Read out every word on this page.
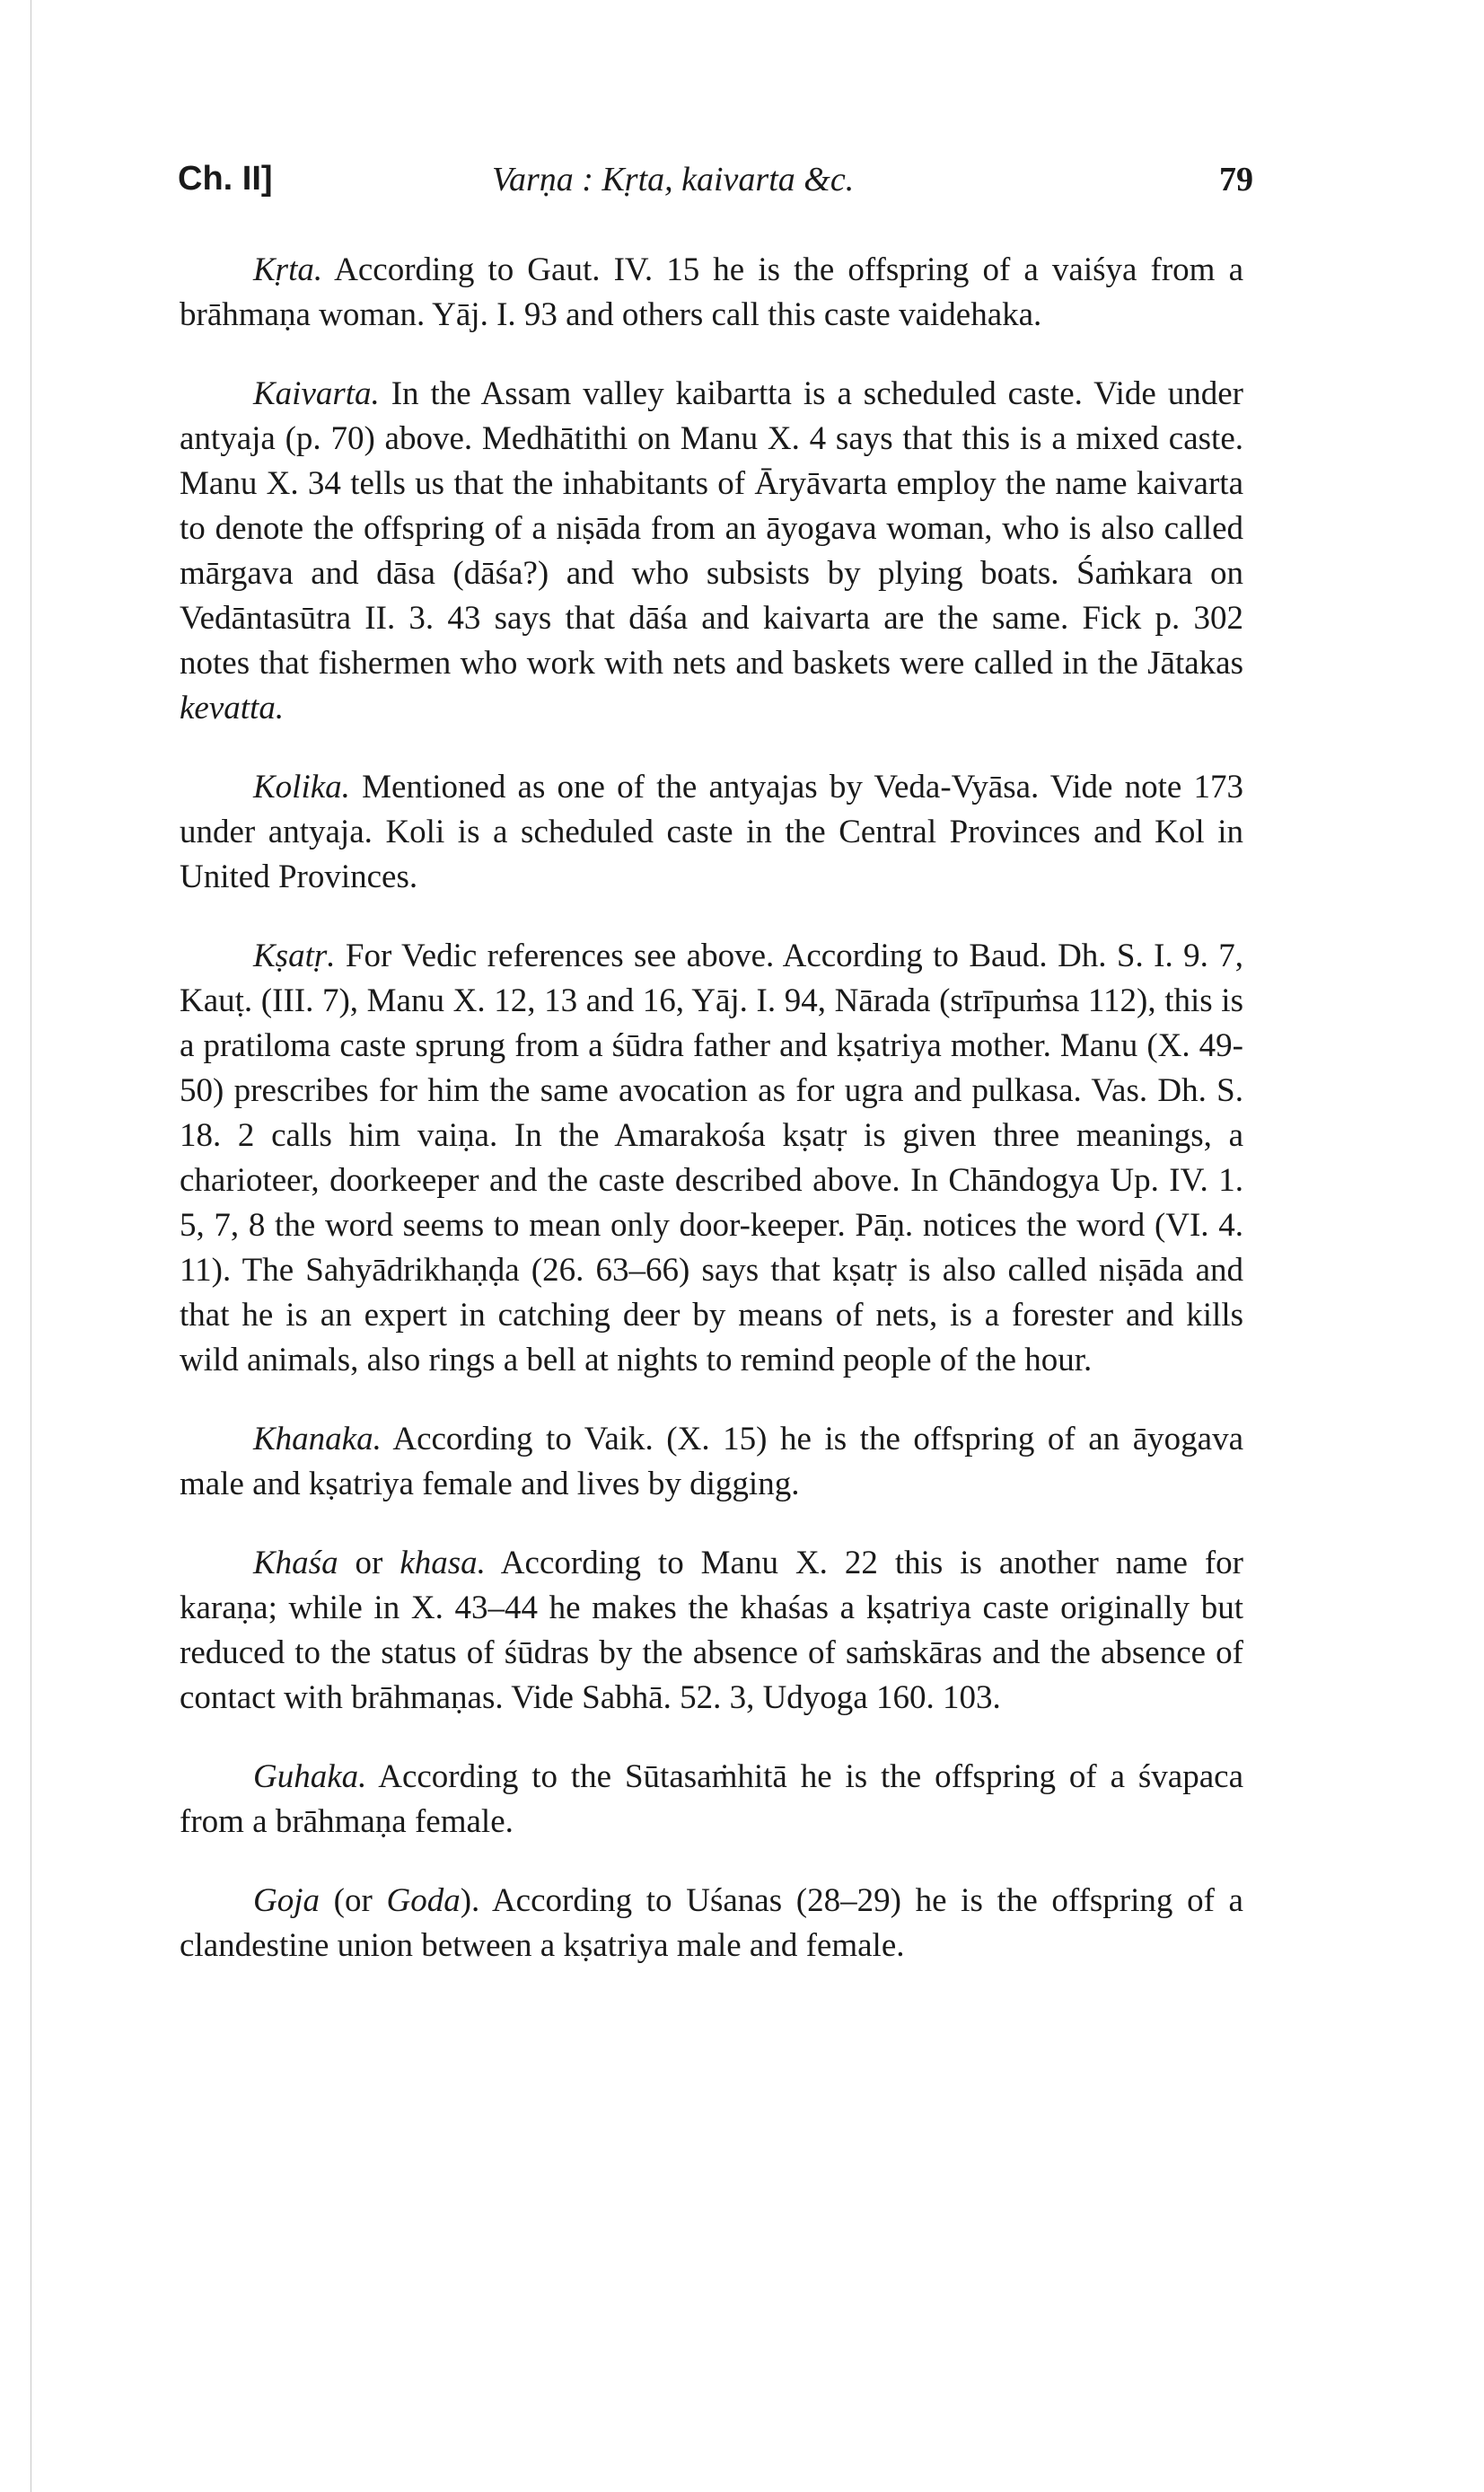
Ch. II]	Varṇa : Kṛta, kaivarta &c.	79

Kṛta. According to Gaut. IV. 15 he is the offspring of a vaiśya from a brāhmaṇa woman. Yāj. I. 93 and others call this caste vaidehaka.

Kaivarta. In the Assam valley kaibartta is a scheduled caste. Vide under antyaja (p. 70) above. Medhātithi on Manu X. 4 says that this is a mixed caste. Manu X. 34 tells us that the inhabitants of Āryāvarta employ the name kaivarta to denote the offspring of a niṣāda from an āyogava woman, who is also called mārgava and dāsa (dāśa?) and who subsists by plying boats. Śaṁkara on Vedāntasūtra II. 3. 43 says that dāśa and kaivarta are the same. Fick p. 302 notes that fishermen who work with nets and baskets were called in the Jātakas kevatta.

Kolika. Mentioned as one of the antyajas by Veda-Vyāsa. Vide note 173 under antyaja. Koli is a scheduled caste in the Central Provinces and Kol in United Provinces.

Kṣatṛ. For Vedic references see above. According to Baud. Dh. S. I. 9. 7, Kauṭ. (III. 7), Manu X. 12, 13 and 16, Yāj. I. 94, Nārada (strīpuṁsa 112), this is a pratiloma caste sprung from a śūdra father and kṣatriya mother. Manu (X. 49-50) prescribes for him the same avocation as for ugra and pulkasa. Vas. Dh. S. 18. 2 calls him vaiṇa. In the Amarakośa kṣatṛ is given three meanings, a charioteer, doorkeeper and the caste described above. In Chāndogya Up. IV. 1. 5, 7, 8 the word seems to mean only door-keeper. Pāṇ. notices the word (VI. 4. 11). The Sahyādrikhaṇḍa (26. 63–66) says that kṣatṛ is also called niṣāda and that he is an expert in catching deer by means of nets, is a forester and kills wild animals, also rings a bell at nights to remind people of the hour.

Khanaka. According to Vaik. (X. 15) he is the offspring of an āyogava male and kṣatriya female and lives by digging.

Khaśa or khasa. According to Manu X. 22 this is another name for karaṇa; while in X. 43–44 he makes the khaśas a kṣatriya caste originally but reduced to the status of śūdras by the absence of saṁskāras and the absence of contact with brāhmaṇas. Vide Sabhā. 52. 3, Udyoga 160. 103.

Guhaka. According to the Sūtasaṁhitā he is the offspring of a śvapaca from a brāhmaṇa female.

Goja (or Goda). According to Uśanas (28–29) he is the offspring of a clandestine union between a kṣatriya male and female.
